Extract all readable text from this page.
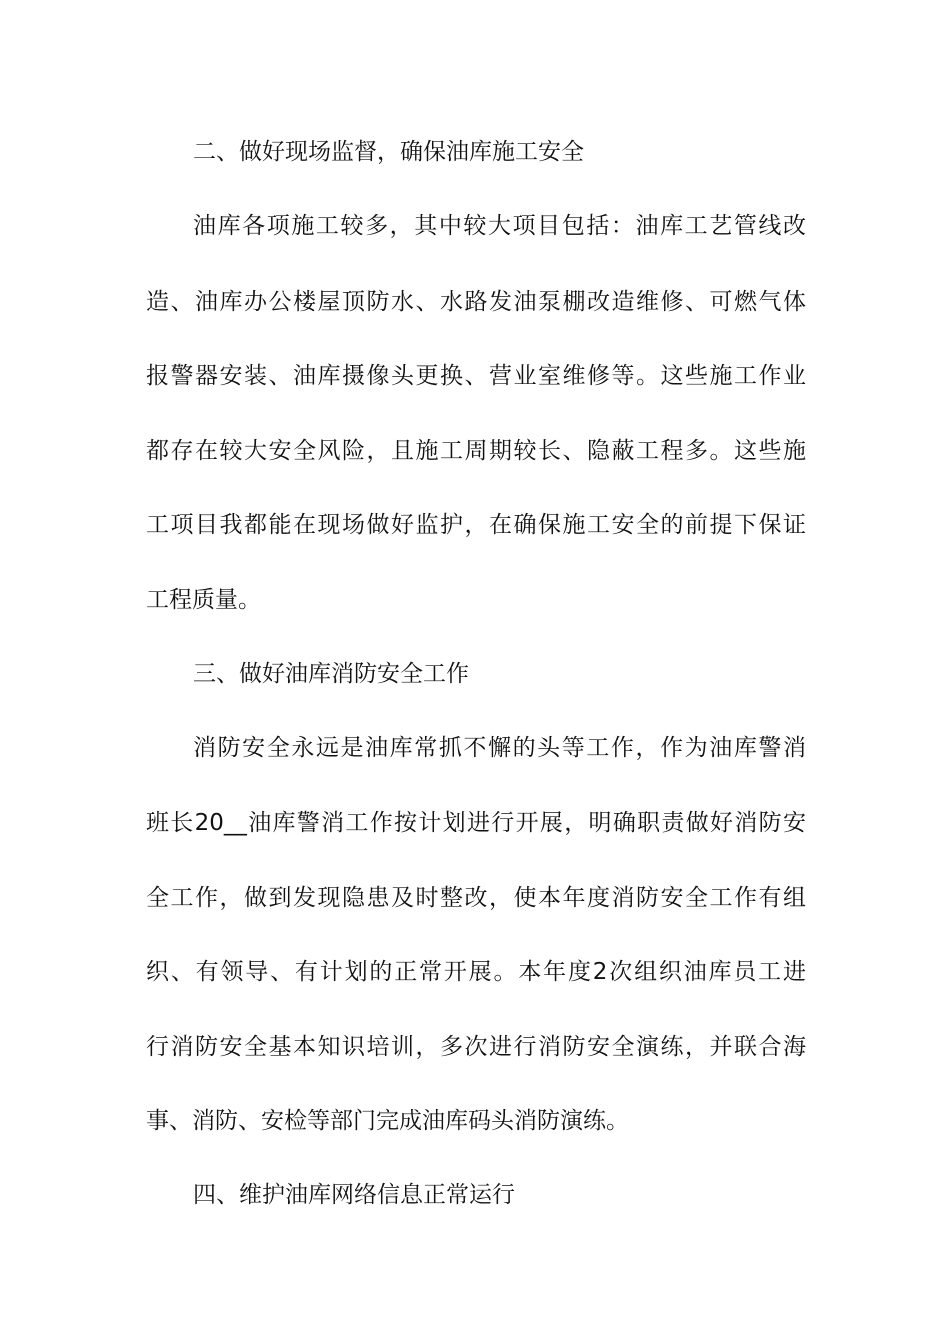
二、做好现场监督，确保油库施工安全
油库各项施工较多，其中较大项目包括：油库工艺管线改
造、油库办公楼屋顶防水、水路发油泵棚改造维修、可燃气体
报警器安装、油库摄像头更换、营业室维修等。这些施工作业
都存在较大安全风险，且施工周期较长、隐蔽工程多。这些施
工项目我都能在现场做好监护，在确保施工安全的前提下保证
工程质量。
三、做好油库消防安全工作
消防安全永远是油库常抓不懈的头等工作，作为油库警消
班长20__油库警消工作按计划进行开展，明确职责做好消防安
全工作，做到发现隐患及时整改，使本年度消防安全工作有组
织、有领导、有计划的正常开展。本年度2次组织油库员工进
行消防安全基本知识培训，多次进行消防安全演练，并联合海
事、消防、安检等部门完成油库码头消防演练。
四、维护油库网络信息正常运行
